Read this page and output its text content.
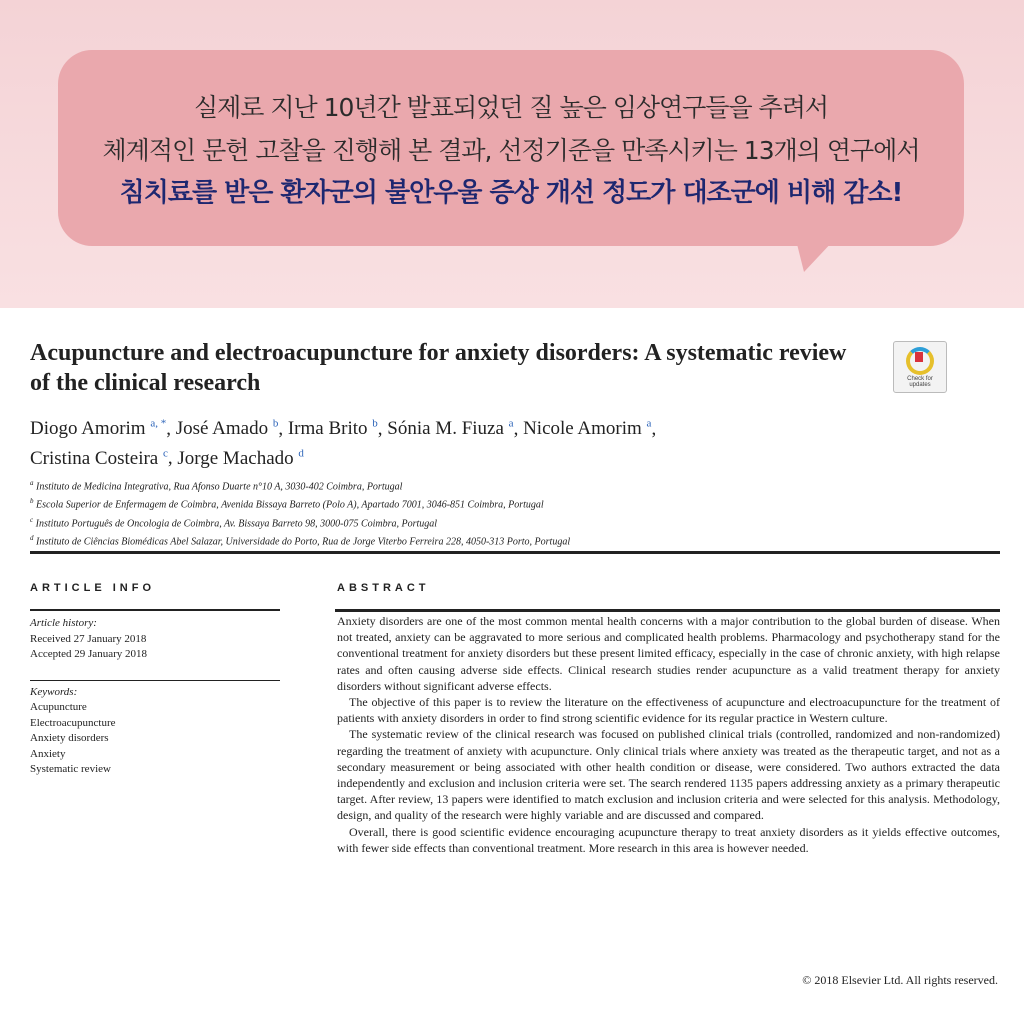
실제로 지난 10년간 발표되었던 질 높은 임상연구들을 추려서
체계적인 문헌 고찰을 진행해 본 결과, 선정기준을 만족시키는 13개의 연구에서
침치료를 받은 환자군의 불안우울 증상 개선 정도가 대조군에 비해 감소!
Acupuncture and electroacupuncture for anxiety disorders: A systematic review of the clinical research	Check for
updates
Diogo Amorim $^{a, *}$, José Amado $^b$, Irma Brito $^b$, Sónia M. Fiuza $^a$, Nicole Amorim $^a$,
Cristina Costeira $^c$, Jorge Machado $^d$
$^a$ Instituto de Medicina Integrativa, Rua Afonso Duarte n°10 A, 3030-402 Coimbra, Portugal
$^b$ Escola Superior de Enfermagem de Coimbra, Avenida Bissaya Barreto (Polo A), Apartado 7001, 3046-851 Coimbra, Portugal
$^c$ Instituto Português de Oncologia de Coimbra, Av. Bissaya Barreto 98, 3000-075 Coimbra, Portugal
$^d$ Instituto de Ciências Biomédicas Abel Salazar, Universidade do Porto, Rua de Jorge Viterbo Ferreira 228, 4050-313 Porto, Portugal
ARTICLE INFO
Article history:
Received 27 January 2018
Accepted 29 January 2018
Keywords:
Acupuncture
Electroacupuncture
Anxiety disorders
Anxiety
Systematic review
ABSTRACT

Anxiety disorders are one of the most common mental health concerns with a major contribution to the global burden of disease. When not treated, anxiety can be aggravated to more serious and complicated health problems. Pharmacology and psychotherapy stand for the conventional treatment for anxiety disorders but these present limited efficacy, especially in the case of chronic anxiety, with high relapse rates and often causing adverse side effects. Clinical research studies render acupuncture as a valid treatment therapy for anxiety disorders without significant adverse effects.

The objective of this paper is to review the literature on the effectiveness of acupuncture and electroacupuncture for the treatment of patients with anxiety disorders in order to find strong scientific evidence for its regular practice in Western culture.

The systematic review of the clinical research was focused on published clinical trials (controlled, randomized and non-randomized) regarding the treatment of anxiety with acupuncture. Only clinical trials where anxiety was treated as the therapeutic target, and not as a secondary measurement or being associated with other health condition or disease, were considered. Two authors extracted the data independently and exclusion and inclusion criteria were set. The search rendered 1135 papers addressing anxiety as a primary therapeutic target. After review, 13 papers were identified to match exclusion and inclusion criteria and were selected for this analysis. Methodology, design, and quality of the research were highly variable and are discussed and compared.

Overall, there is good scientific evidence encouraging acupuncture therapy to treat anxiety disorders as it yields effective outcomes, with fewer side effects than conventional treatment. More research in this area is however needed.

© 2018 Elsevier Ltd. All rights reserved.
